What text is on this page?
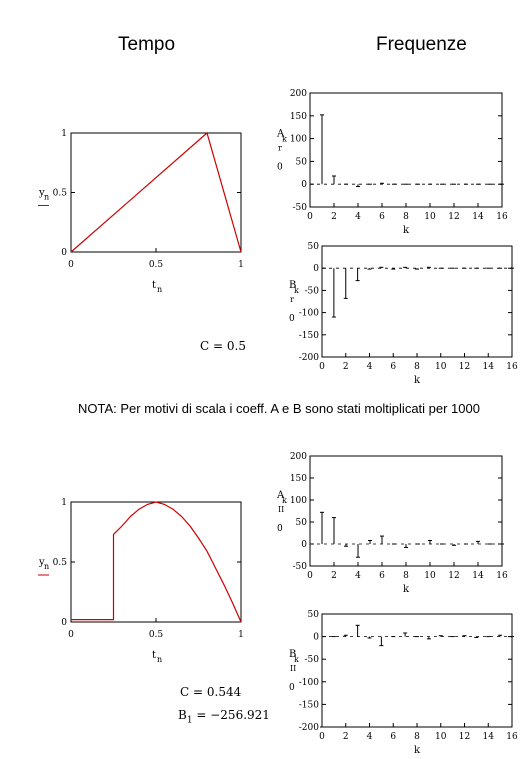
Tempo	Frequenze
0	0.5	1
0
0.5
1
t n
y n
0 2 4 6 8 10 12 14 16
-50
0
50
100
150
200
k
A
k
r
0
0 2 4 6 8 10 12 14 16
-200
-150
-100
-50
0
50
k
B
k
r
0
0	0.5	1
0
0.5
1
t n
y n
0 2 4 6 8 10 12 14 16
-50
0
50
100
150
200
k
A
k
II
0
0 2 4 6 8 10 12 14 16
-200
-150
-100
-50
0
50
k
B
k
II
0
NOTA: Per motivi di scala i coeff. A e B sono stati moltiplicati per 1000
C = 0.5
C = 0.544
$B_1 = -256.921$
